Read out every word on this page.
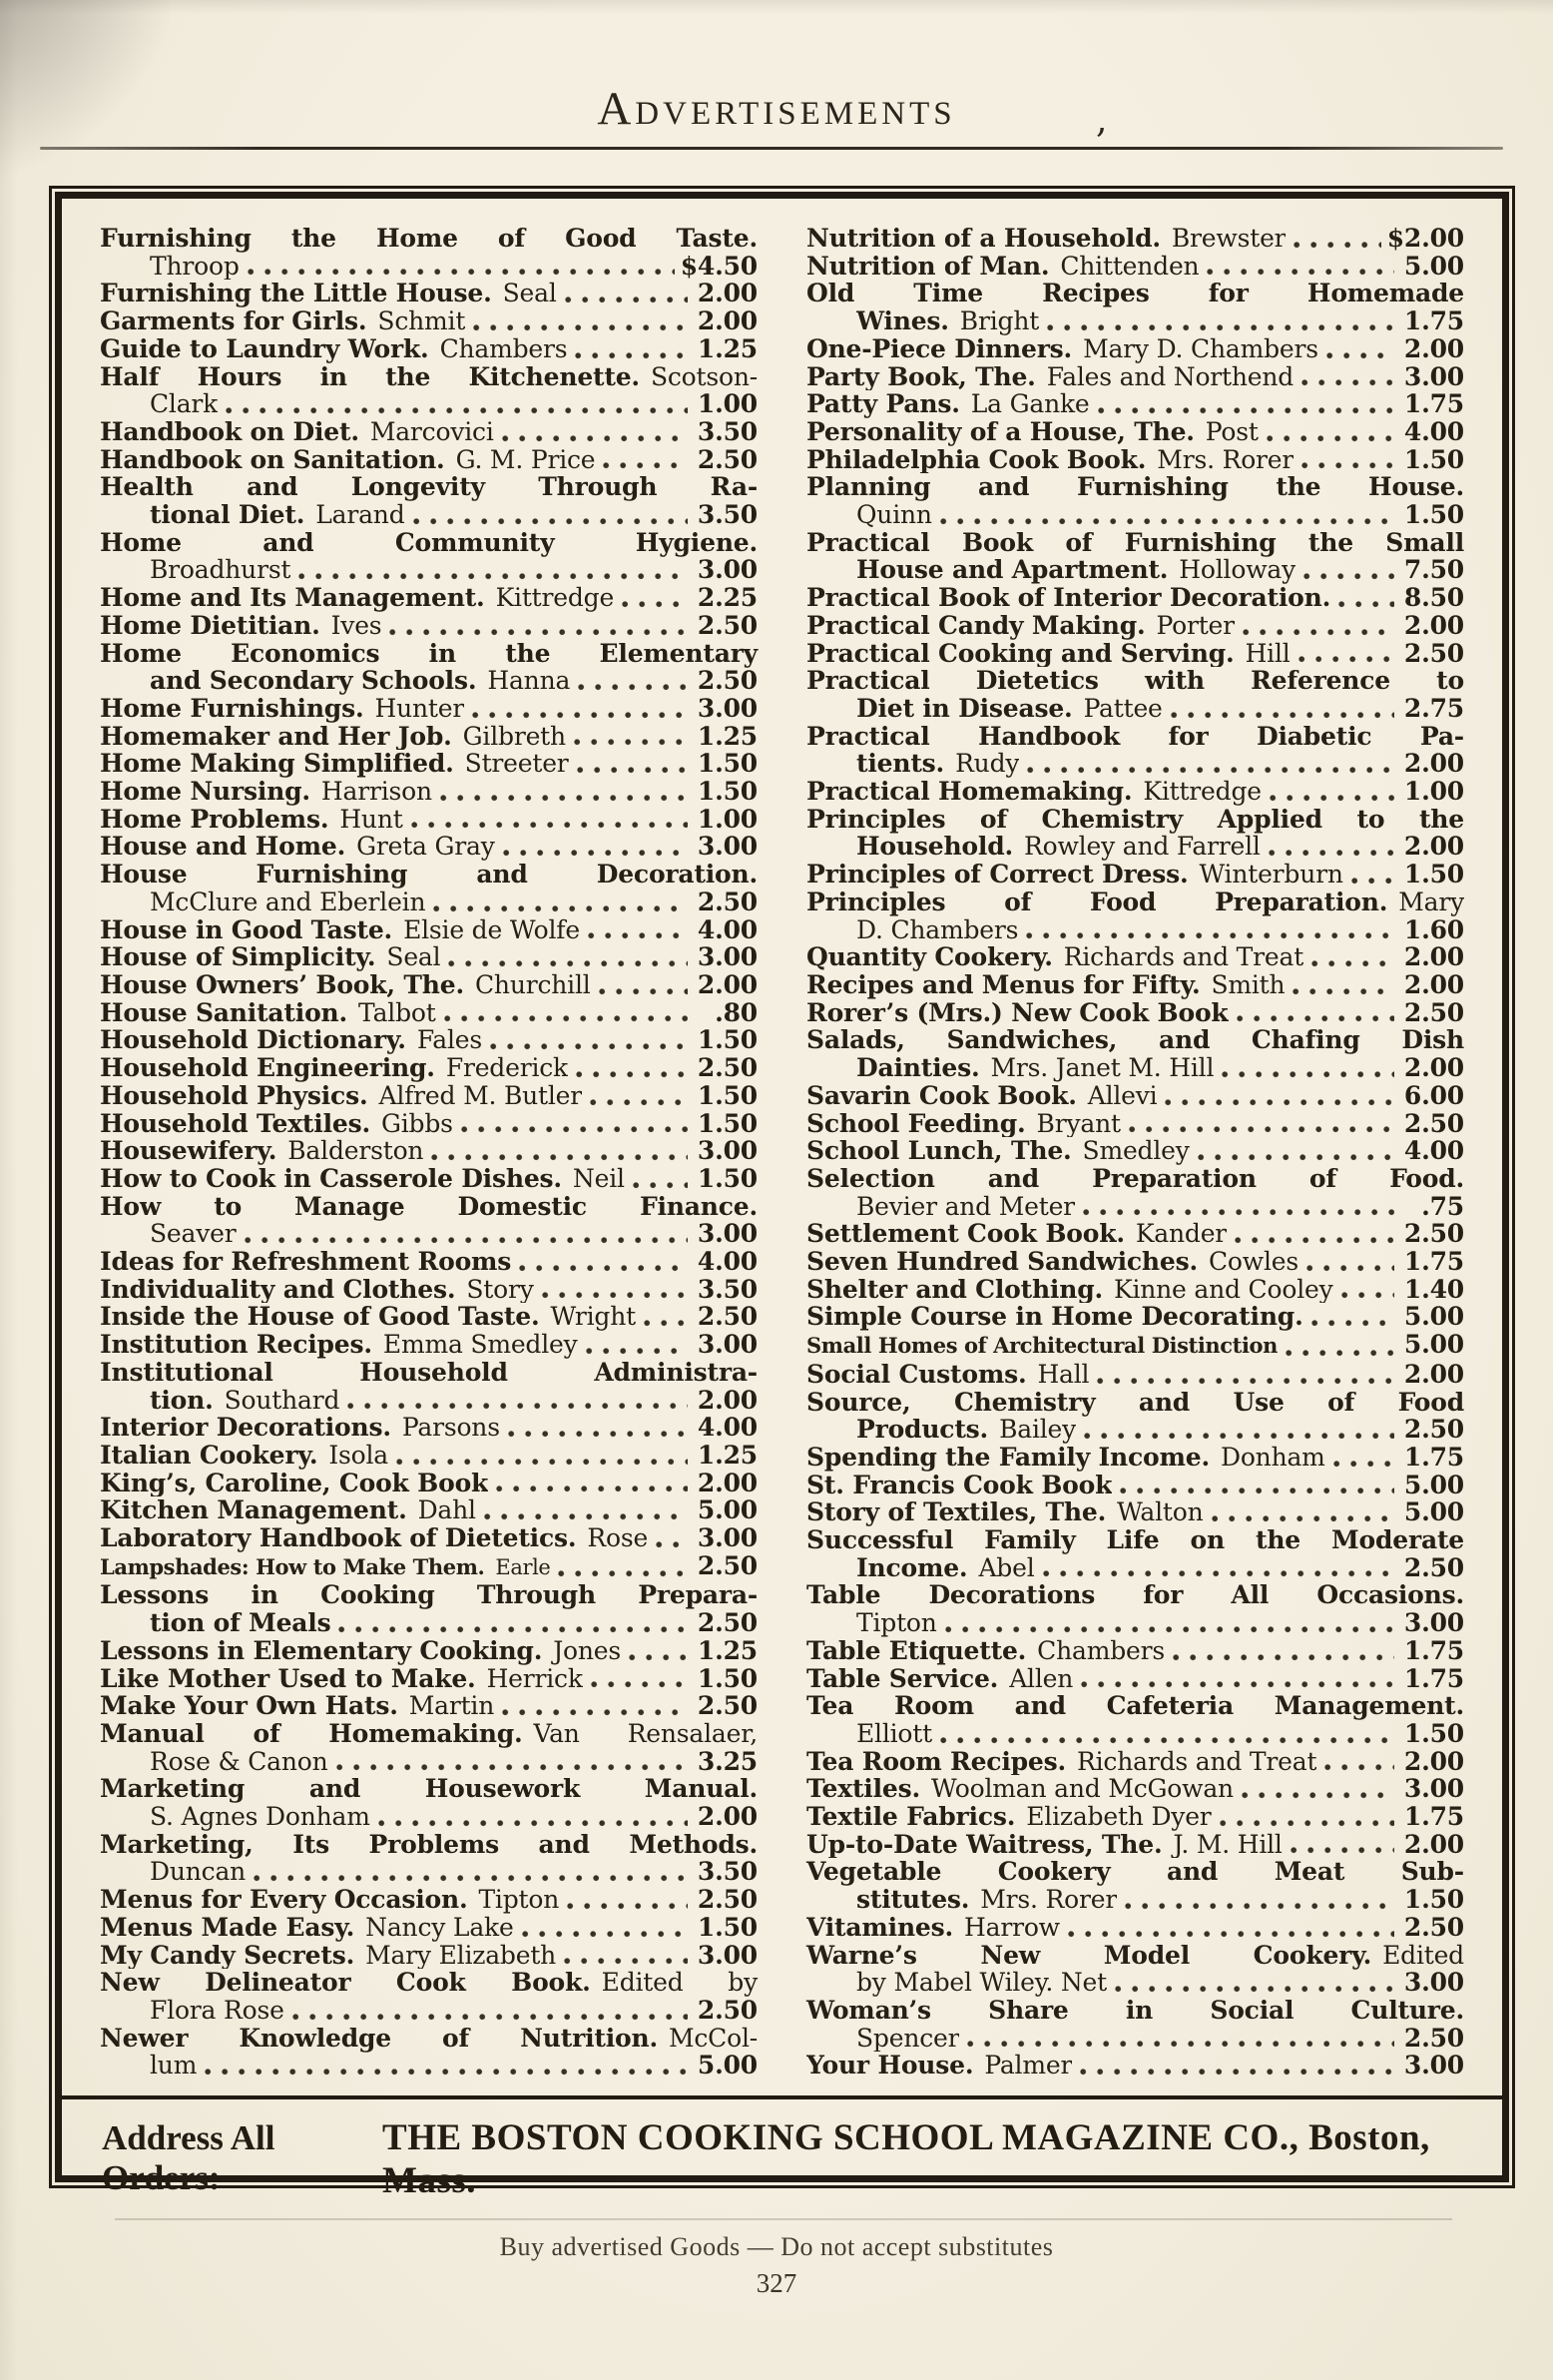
Advertisements	,
Furnishing the Home of Good Taste.
Throop	$4.50
Furnishing the Little House. Seal	2.00
Garments for Girls. Schmit	2.00
Guide to Laundry Work. Chambers	1.25
Half Hours in the Kitchenette. Scotson-
Clark	1.00
Handbook on Diet. Marcovici	3.50
Handbook on Sanitation. G. M. Price	2.50
Health and Longevity Through Ra-
tional Diet. Larand	3.50
Home and Community Hygiene.
Broadhurst	3.00
Home and Its Management. Kittredge	2.25
Home Dietitian. Ives	2.50
Home Economics in the Elementary
and Secondary Schools. Hanna	2.50
Home Furnishings. Hunter	3.00
Homemaker and Her Job. Gilbreth	1.25
Home Making Simplified. Streeter	1.50
Home Nursing. Harrison	1.50
Home Problems. Hunt	1.00
House and Home. Greta Gray	3.00
House Furnishing and Decoration.
McClure and Eberlein	2.50
House in Good Taste. Elsie de Wolfe	4.00
House of Simplicity. Seal	3.00
House Owners’ Book, The. Churchill	2.00
House Sanitation. Talbot	.80
Household Dictionary. Fales	1.50
Household Engineering. Frederick	2.50
Household Physics. Alfred M. Butler	1.50
Household Textiles. Gibbs	1.50
Housewifery. Balderston	3.00
How to Cook in Casserole Dishes. Neil	1.50
How to Manage Domestic Finance.
Seaver	3.00
Ideas for Refreshment Rooms	4.00
Individuality and Clothes. Story	3.50
Inside the House of Good Taste. Wright 2.50
Institution Recipes. Emma Smedley	3.00
Institutional Household Administra-
tion. Southard	2.00
Interior Decorations. Parsons	4.00
Italian Cookery. Isola	1.25
King’s, Caroline, Cook Book	2.00
Kitchen Management. Dahl	5.00
Laboratory Handbook of Dietetics. Rose 3.00
Lampshades: How to Make Them. Earle	2.50
Lessons in Cooking Through Prepara-
tion of Meals	2.50
Lessons in Elementary Cooking. Jones	1.25
Like Mother Used to Make. Herrick	1.50
Make Your Own Hats. Martin	2.50
Manual of Homemaking. Van Rensalaer,
Rose & Canon	3.25
Marketing and Housework Manual.
S. Agnes Donham	2.00
Marketing, Its Problems and Methods.
Duncan	3.50
Menus for Every Occasion. Tipton	2.50
Menus Made Easy. Nancy Lake	1.50
My Candy Secrets. Mary Elizabeth	3.00
New Delineator Cook Book. Edited by
Flora Rose	2.50
Newer Knowledge of Nutrition. McCol-
lum	5.00
Nutrition of a Household. Brewster	$2.00
Nutrition of Man. Chittenden	5.00
Old Time Recipes for Homemade
Wines. Bright	1.75
One-Piece Dinners. Mary D. Chambers	2.00
Party Book, The. Fales and Northend	3.00
Patty Pans. La Ganke	1.75
Personality of a House, The. Post	4.00
Philadelphia Cook Book. Mrs. Rorer	1.50
Planning and Furnishing the House.
Quinn	1.50
Practical Book of Furnishing the Small
House and Apartment. Holloway	7.50
Practical Book of Interior Decoration.	8.50
Practical Candy Making. Porter	2.00
Practical Cooking and Serving. Hill	2.50
Practical Dietetics with Reference to
Diet in Disease. Pattee	2.75
Practical Handbook for Diabetic Pa-
tients. Rudy	2.00
Practical Homemaking. Kittredge	1.00
Principles of Chemistry Applied to the
Household. Rowley and Farrell	2.00
Principles of Correct Dress. Winterburn 1.50
Principles of Food Preparation. Mary
D. Chambers	1.60
Quantity Cookery. Richards and Treat	2.00
Recipes and Menus for Fifty. Smith	2.00
Rorer’s (Mrs.) New Cook Book	2.50
Salads, Sandwiches, and Chafing Dish
Dainties. Mrs. Janet M. Hill	2.00
Savarin Cook Book. Allevi	6.00
School Feeding. Bryant	2.50
School Lunch, The. Smedley	4.00
Selection and Preparation of Food.
Bevier and Meter	.75
Settlement Cook Book. Kander	2.50
Seven Hundred Sandwiches. Cowles	1.75
Shelter and Clothing. Kinne and Cooley	1.40
Simple Course in Home Decorating.	5.00
Small Homes of Architectural Distinction	5.00
Social Customs. Hall	2.00
Source, Chemistry and Use of Food
Products. Bailey	2.50
Spending the Family Income. Donham	1.75
St. Francis Cook Book	5.00
Story of Textiles, The. Walton	5.00
Successful Family Life on the Moderate
Income. Abel	2.50
Table Decorations for All Occasions.
Tipton	3.00
Table Etiquette. Chambers	1.75
Table Service. Allen	1.75
Tea Room and Cafeteria Management.
Elliott	1.50
Tea Room Recipes. Richards and Treat	2.00
Textiles. Woolman and McGowan	3.00
Textile Fabrics. Elizabeth Dyer	1.75
Up-to-Date Waitress, The. J. M. Hill	2.00
Vegetable Cookery and Meat Sub-
stitutes. Mrs. Rorer	1.50
Vitamines. Harrow	2.50
Warne’s New Model Cookery. Edited
by Mabel Wiley. Net	3.00
Woman’s Share in Social Culture.
Spencer	2.50
Your House. Palmer	3.00
Address All Orders:
THE BOSTON COOKING SCHOOL MAGAZINE CO., Boston, Mass.
Buy advertised Goods — Do not accept substitutes
327
